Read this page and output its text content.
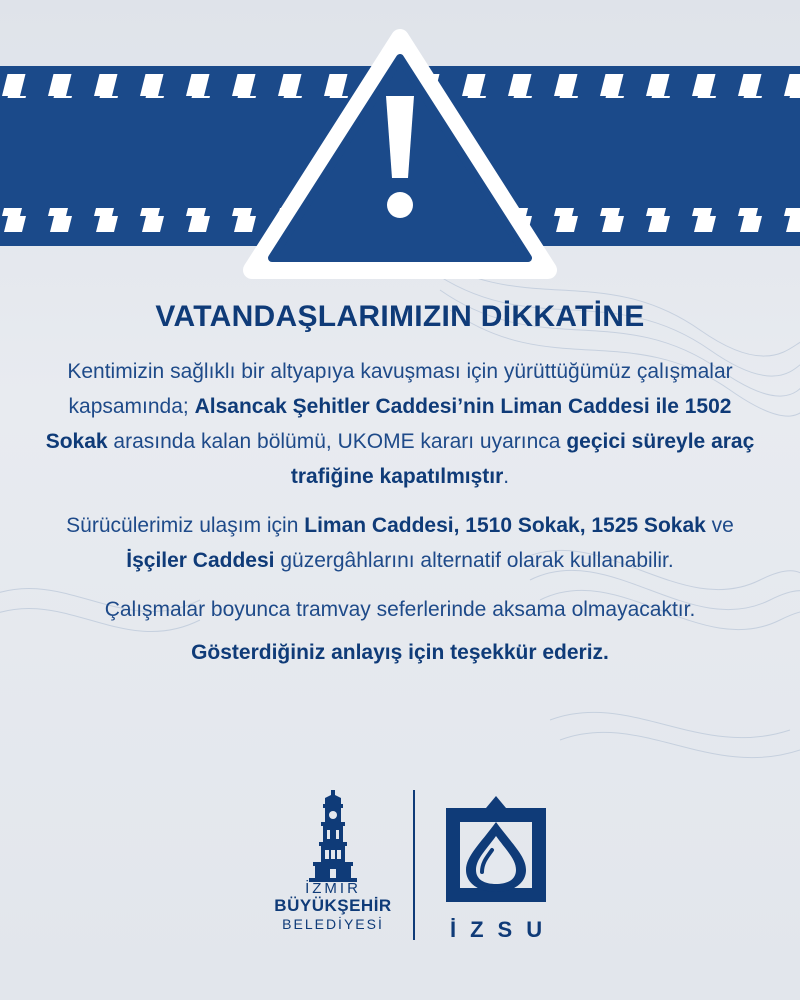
VATANDAŞLARIMIZIN DİKKATİNE

Kentimizin sağlıklı bir altyapıya kavuşması için yürüttüğümüz çalışmalar kapsamında; Alsancak Şehitler Caddesi’nin Liman Caddesi ile 1502 Sokak arasında kalan bölümü, UKOME kararı uyarınca geçici süreyle araç trafiğine kapatılmıştır.

Sürücülerimiz ulaşım için Liman Caddesi, 1510 Sokak, 1525 Sokak ve İşçiler Caddesi güzergâhlarını alternatif olarak kullanabilir.

Çalışmalar boyunca tramvay seferlerinde aksama olmayacaktır.

Gösterdiğiniz anlayış için teşekkür ederiz.

İZMİR
BÜYÜKŞEHİR
BELEDİYESİ	İZSU
